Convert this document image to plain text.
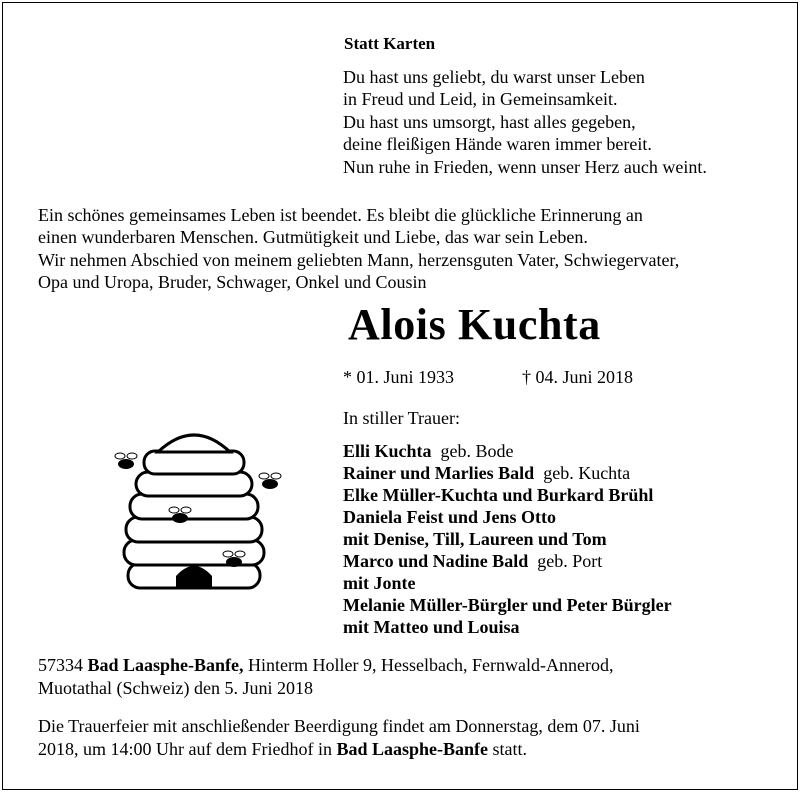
Statt Karten
Du hast uns geliebt, du warst unser Leben
in Freud und Leid, in Gemeinsamkeit.
Du hast uns umsorgt, hast alles gegeben,
deine fleißigen Hände waren immer bereit.
Nun ruhe in Frieden, wenn unser Herz auch weint.
Ein schönes gemeinsames Leben ist beendet. Es bleibt die glückliche Erinnerung an
einen wunderbaren Menschen. Gutmütigkeit und Liebe, das war sein Leben.
Wir nehmen Abschied von meinem geliebten Mann, herzensguten Vater, Schwiegervater,
Opa und Uropa, Bruder, Schwager, Onkel und Cousin
Alois Kuchta
* 01. Juni 1933	† 04. Juni 2018
In stiller Trauer:
Elli Kuchta geb. Bode
Rainer und Marlies Bald geb. Kuchta
Elke Müller-Kuchta und Burkard Brühl
Daniela Feist und Jens Otto
mit Denise, Till, Laureen und Tom
Marco und Nadine Bald geb. Port
mit Jonte
Melanie Müller-Bürgler und Peter Bürgler
mit Matteo und Louisa
57334 Bad Laasphe-Banfe, Hinterm Holler 9, Hesselbach, Fernwald-Annerod,
Muotathal (Schweiz) den 5. Juni 2018
Die Trauerfeier mit anschließender Beerdigung findet am Donnerstag, dem 07. Juni
2018, um 14:00 Uhr auf dem Friedhof in Bad Laasphe-Banfe statt.
